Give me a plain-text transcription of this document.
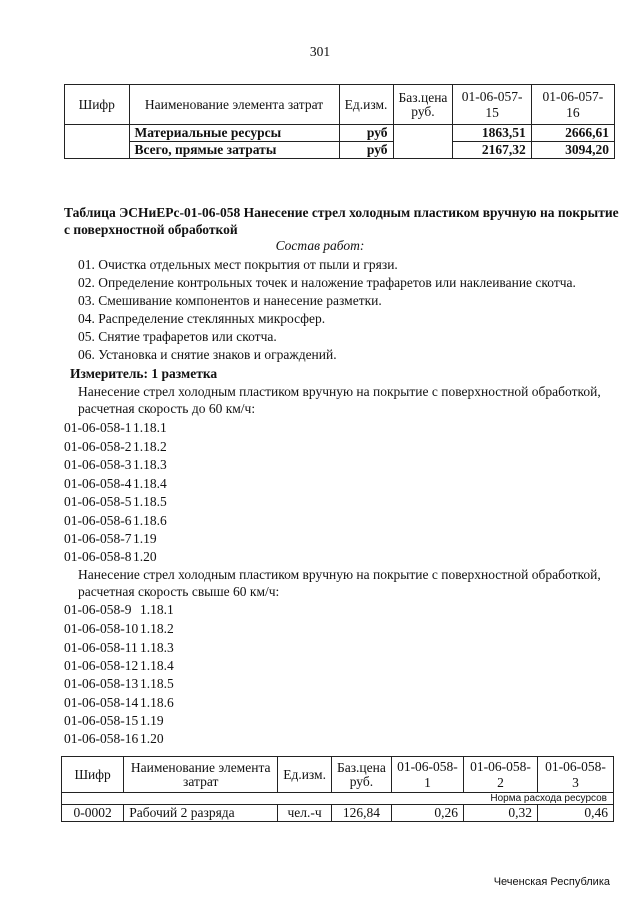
301
Шифр	Наименование элемента затрат	Ед.изм.	Баз.цена руб.	01-06-057-15	01-06-057-16
	Материальные ресурсы	руб		1863,51	2666,61
	Всего, прямые затраты	руб		2167,32	3094,20
Таблица ЭСНиЕРс-01-06-058 Нанесение стрел холодным пластиком вручную на покрытие
с поверхностной обработкой
Состав работ:
01. Очистка отдельных мест покрытия от пыли и грязи.
02. Определение контрольных точек и наложение трафаретов или наклеивание скотча.
03. Смешивание компонентов и нанесение разметки.
04. Распределение стеклянных микросфер.
05. Снятие трафаретов или скотча.
06. Установка и снятие знаков и ограждений.
Измеритель: 1 разметка
Нанесение стрел холодным пластиком вручную на покрытие с поверхностной обработкой,
расчетная скорость до 60 км/ч:
01-06-058-1 1.18.1
01-06-058-2 1.18.2
01-06-058-3 1.18.3
01-06-058-4 1.18.4
01-06-058-5 1.18.5
01-06-058-6 1.18.6
01-06-058-7 1.19
01-06-058-8 1.20
Нанесение стрел холодным пластиком вручную на покрытие с поверхностной обработкой,
расчетная скорость свыше 60 км/ч:
01-06-058-9 1.18.1
01-06-058-10 1.18.2
01-06-058-11 1.18.3
01-06-058-12 1.18.4
01-06-058-13 1.18.5
01-06-058-14 1.18.6
01-06-058-15 1.19
01-06-058-16 1.20
Шифр	Наименование элемента затрат	Ед.изм.	Баз.цена руб.	01-06-058-1	01-06-058-2	01-06-058-3
Норма расхода ресурсов						
0-0002	Рабочий 2 разряда	чел.-ч	126,84	0,26	0,32	0,46
Чеченская Республика
